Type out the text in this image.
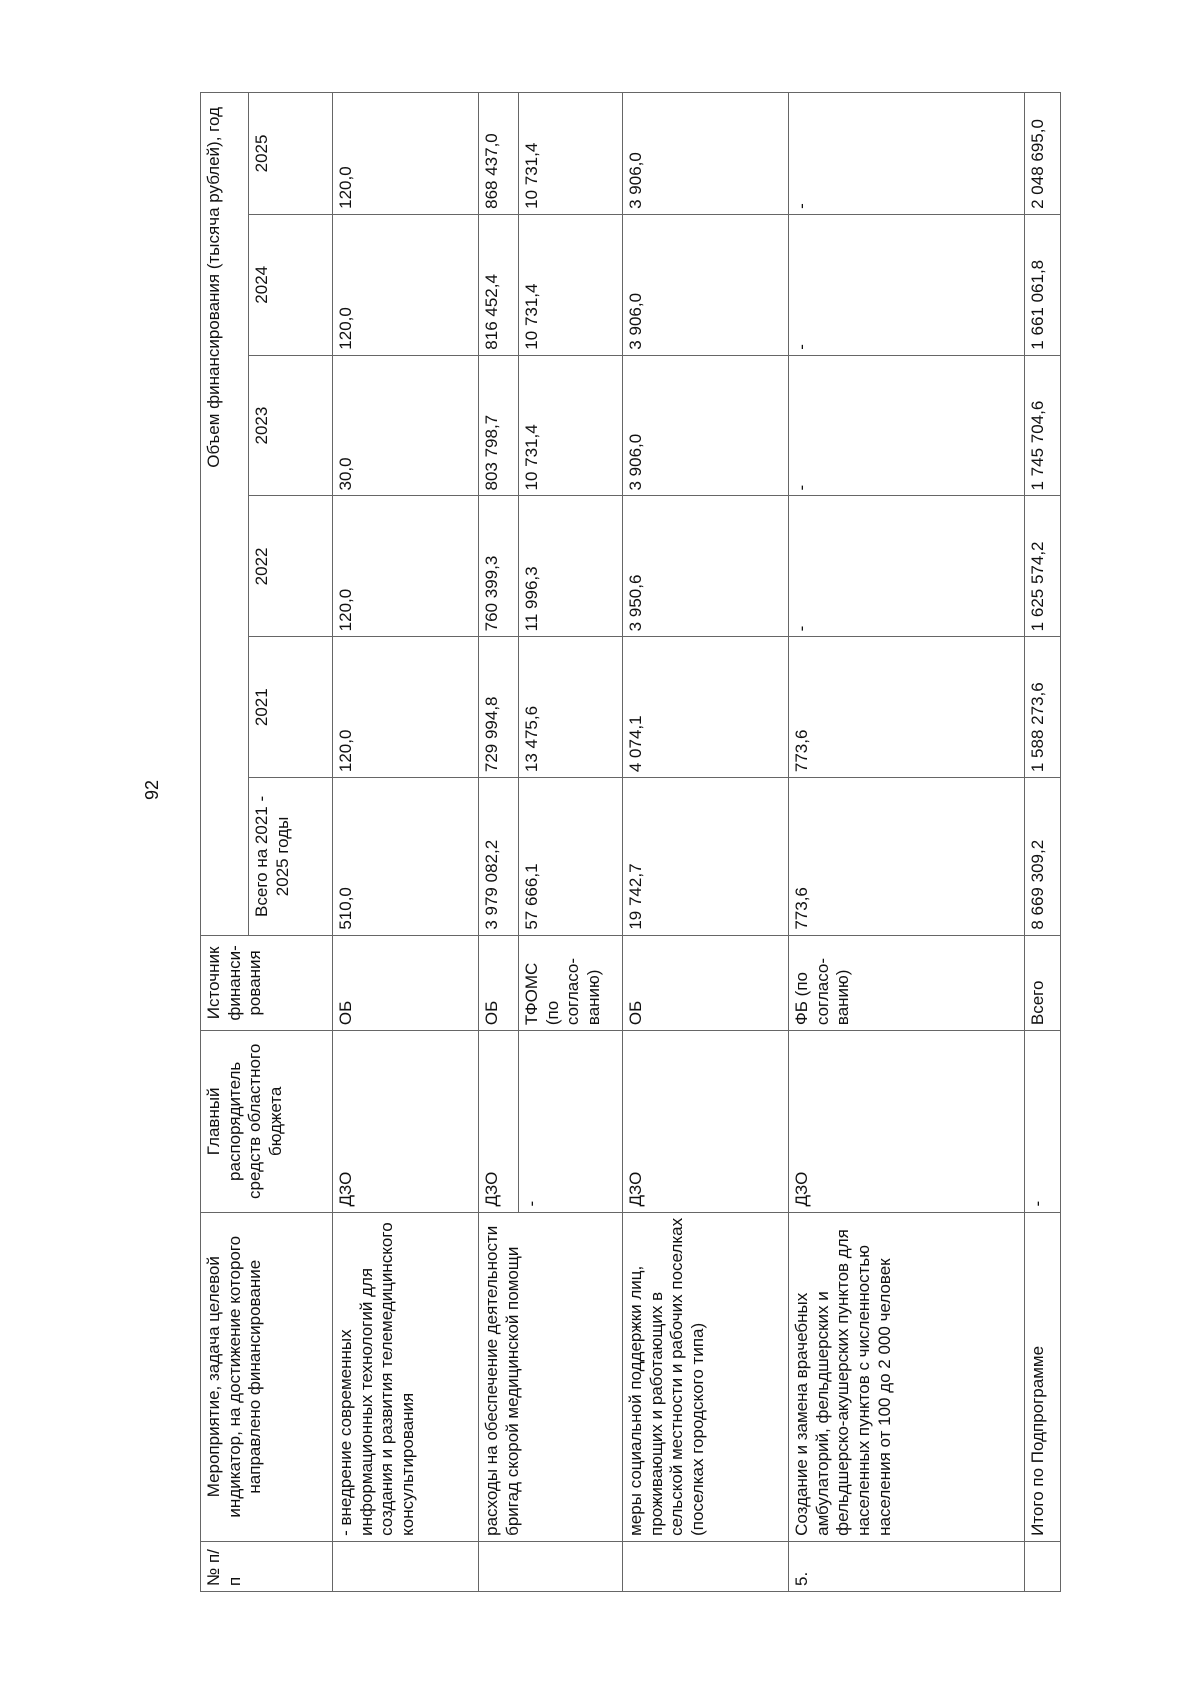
92
№ п/п	Мероприятие, задача целевой индикатор, на достижение которого направлено финансирование	Главный распорядитель средств областного бюджета	Источник финанси-рования	Объем финансирования (тысяча рублей), год					
				Всего на 2021 - 2025 годы	2021	2022	2023	2024	2025
	- внедрение современных информационных технологий для создания и развития телемедицинского консультирования	ДЗО	ОБ	510,0	120,0	120,0	30,0	120,0	120,0
	расходы на обеспечение деятельности бригад скорой медицинской помощи	ДЗО	ОБ	3 979 082,2	729 994,8	760 399,3	803 798,7	816 452,4	868 437,0
		-	ТФОМС (по согласо-ванию)	57 666,1	13 475,6	11 996,3	10 731,4	10 731,4	10 731,4
	меры социальной поддержки лиц, проживающих и работающих в сельской местности и рабочих поселках (поселках городского типа)	ДЗО	ОБ	19 742,7	4 074,1	3 950,6	3 906,0	3 906,0	3 906,0
5.	Создание и замена врачебных амбулаторий, фельдшерских и фельдшерско-акушерских пунктов для населенных пунктов с численностью населения от 100 до 2 000 человек	ДЗО	ФБ (по согласо-ванию)	773,6	773,6	-	-	-	-
	Итого по Подпрограмме	-	Всего	8 669 309,2	1 588 273,6	1 625 574,2	1 745 704,6	1 661 061,8	2 048 695,0
